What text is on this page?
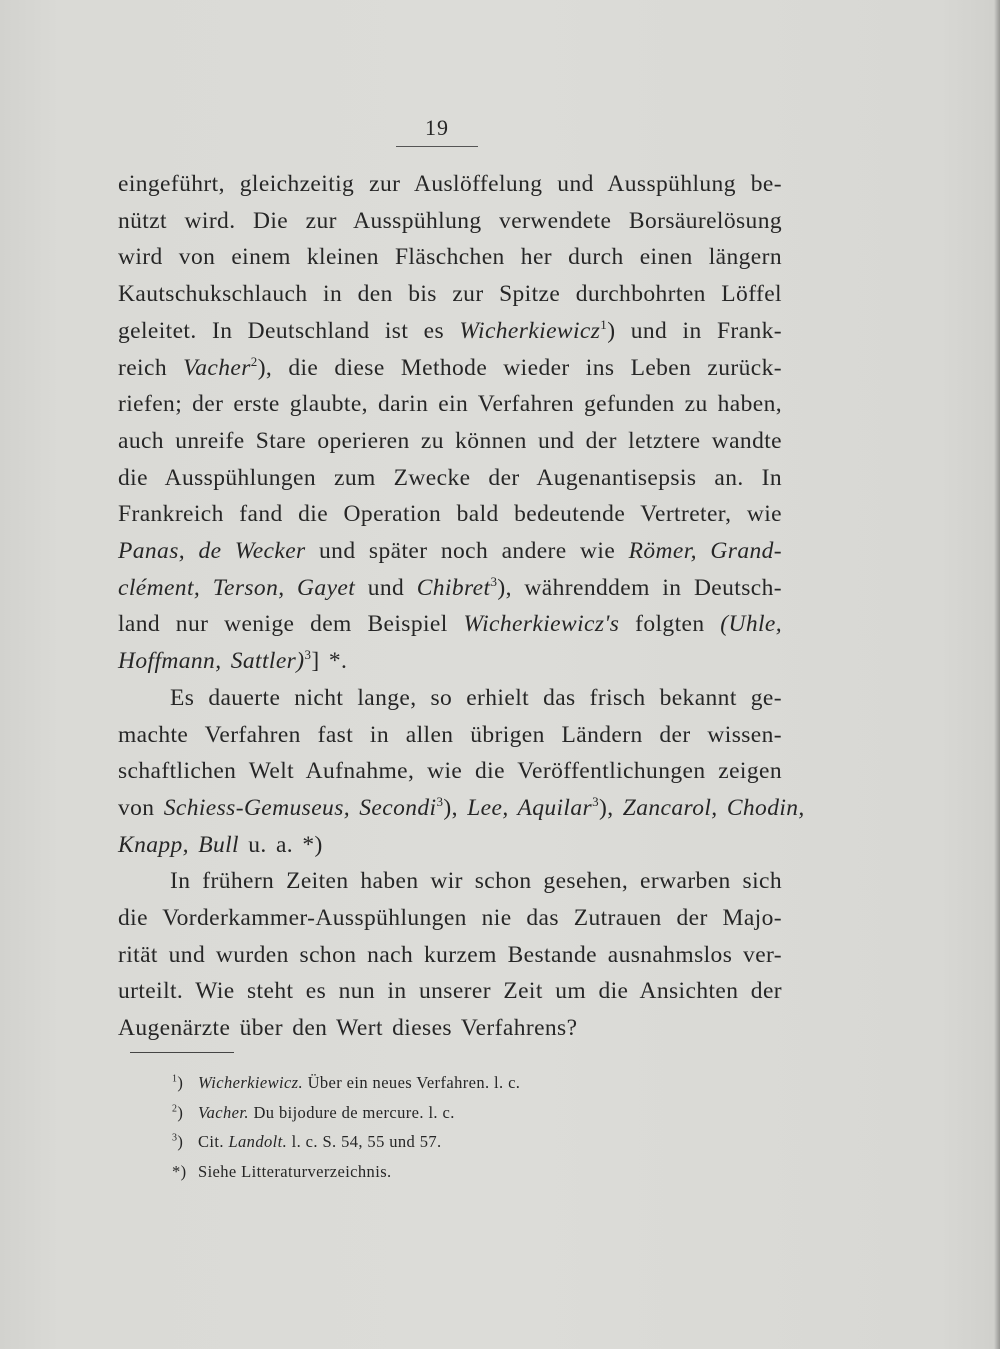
19
eingeführt, gleichzeitig zur Auslöffelung und Ausspühlung be-
nützt wird. Die zur Ausspühlung verwendete Borsäurelösung
wird von einem kleinen Fläschchen her durch einen längern
Kautschukschlauch in den bis zur Spitze durchbohrten Löffel
geleitet. In Deutschland ist es Wicherkiewicz$^1$) und in Frank-
reich Vacher$^2$), die diese Methode wieder ins Leben zurück-
riefen; der erste glaubte, darin ein Verfahren gefunden zu haben,
auch unreife Stare operieren zu können und der letztere wandte
die Ausspühlungen zum Zwecke der Augenantisepsis an. In
Frankreich fand die Operation bald bedeutende Vertreter, wie
Panas, de Wecker und später noch andere wie Römer, Grand-
clément, Terson, Gayet und Chibret$^3$), währenddem in Deutsch-
land nur wenige dem Beispiel Wicherkiewicz's folgten (Uhle,
Hoffmann, Sattler)$^3$] *.
Es dauerte nicht lange, so erhielt das frisch bekannt ge-
machte Verfahren fast in allen übrigen Ländern der wissen-
schaftlichen Welt Aufnahme, wie die Veröffentlichungen zeigen
von Schiess-Gemuseus, Secondi$^3$), Lee, Aquilar$^3$), Zancarol, Chodin,
Knapp, Bull u. a. *)
In frühern Zeiten haben wir schon gesehen, erwarben sich
die Vorderkammer-Ausspühlungen nie das Zutrauen der Majo-
rität und wurden schon nach kurzem Bestande ausnahmslos ver-
urteilt. Wie steht es nun in unserer Zeit um die Ansichten der
Augenärzte über den Wert dieses Verfahrens?
$^1$) Wicherkiewicz. Über ein neues Verfahren. l. c.
$^2$) Vacher. Du bijodure de mercure. l. c.
$^3$) Cit. Landolt. l. c. S. 54, 55 und 57.
*) Siehe Litteraturverzeichnis.
